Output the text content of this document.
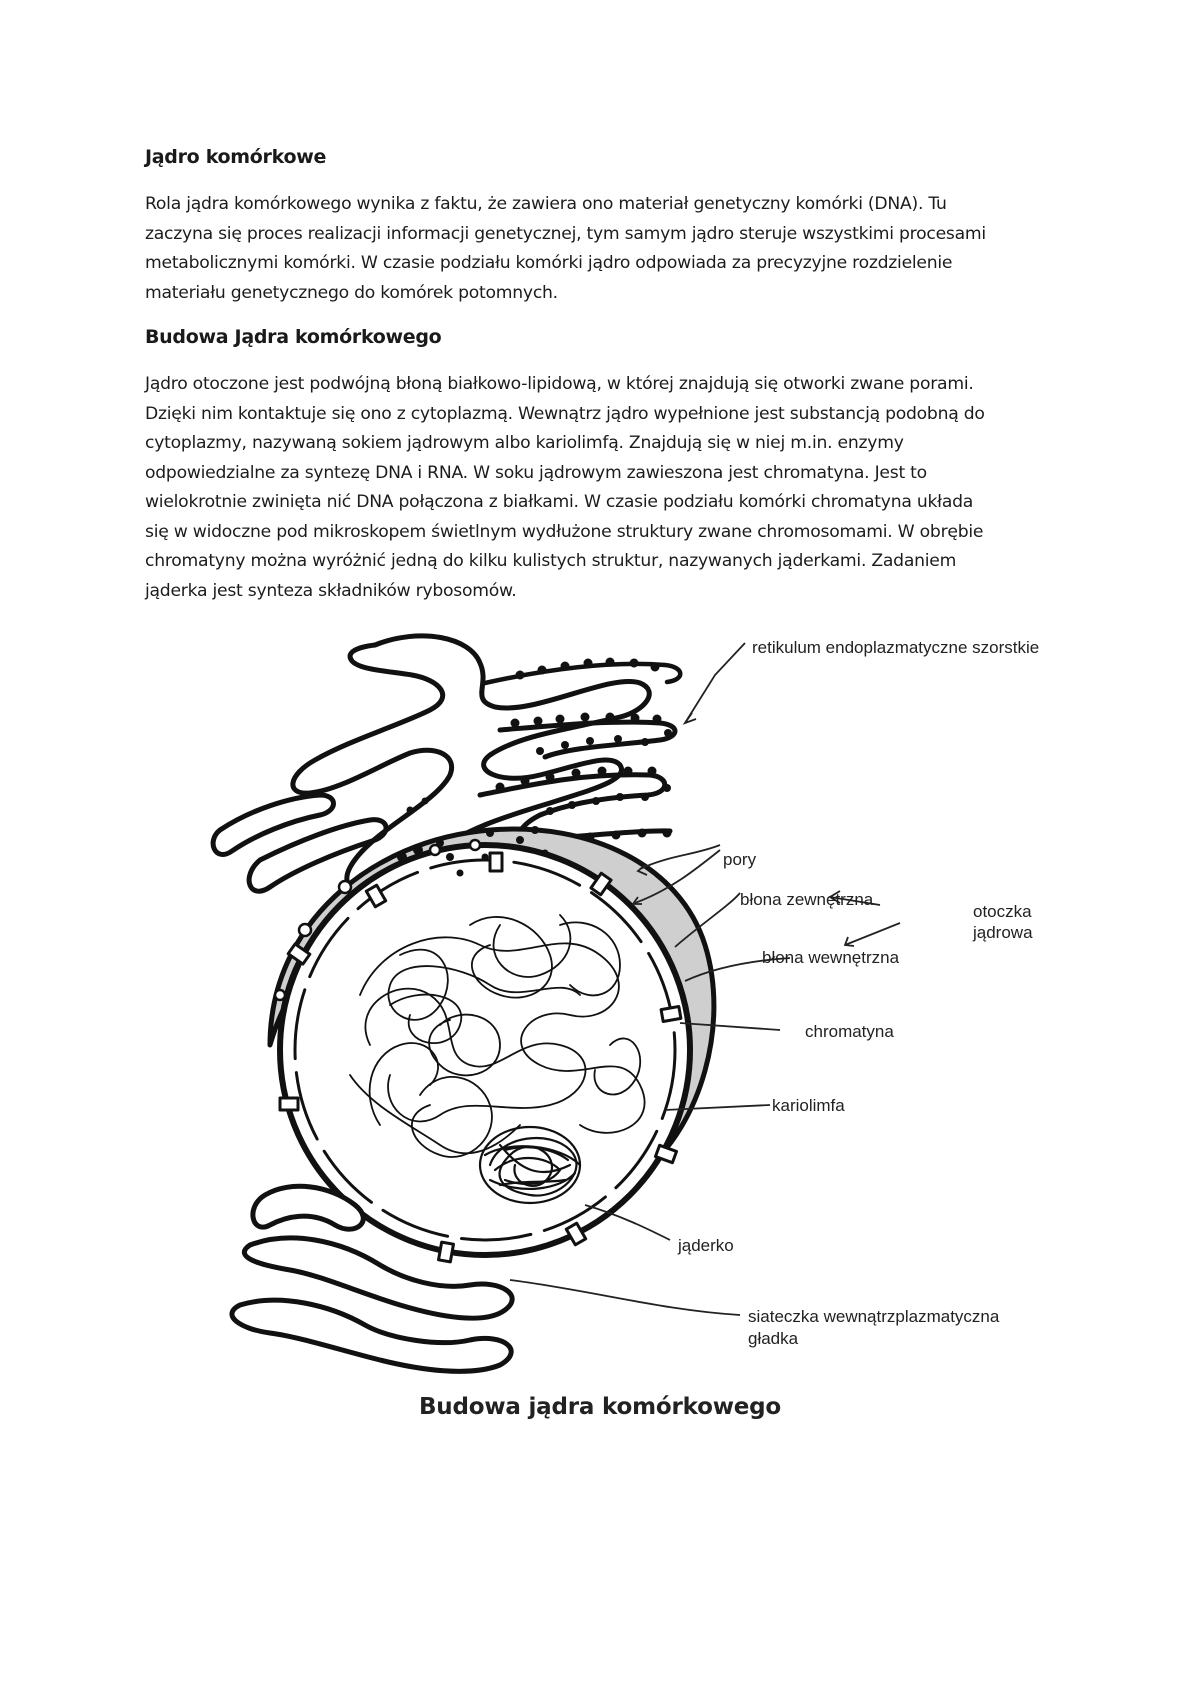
Jądro komórkowe

Rola jądra komórkowego wynika z faktu, że zawiera ono materiał genetyczny komórki (DNA). Tu
zaczyna się proces realizacji informacji genetycznej, tym samym jądro steruje wszystkimi procesami
metabolicznymi komórki. W czasie podziału komórki jądro odpowiada za precyzyjne rozdzielenie
materiału genetycznego do komórek potomnych.

Budowa Jądra komórkowego

Jądro otoczone jest podwójną błoną białkowo-lipidową, w której znajdują się otworki zwane porami.
Dzięki nim kontaktuje się ono z cytoplazmą. Wewnątrz jądro wypełnione jest substancją podobną do
cytoplazmy, nazywaną sokiem jądrowym albo kariolimfą. Znajdują się w niej m.in. enzymy
odpowiedzialne za syntezę DNA i RNA. W soku jądrowym zawieszona jest chromatyna. Jest to
wielokrotnie zwinięta nić DNA połączona z białkami. W czasie podziału komórki chromatyna układa
się w widoczne pod mikroskopem świetlnym wydłużone struktury zwane chromosomami. W obrębie
chromatyny można wyróżnić jedną do kilku kulistych struktur, nazywanych jąderkami. Zadaniem
jąderka jest synteza składników rybosomów.

retikulum endoplazmatyczne szorstkie
pory
błona zewnętrzna
błona wewnętrzna
otoczka
jądrowa
chromatyna
kariolimfa
jąderko
siateczka wewnątrzplazmatyczna
gładka
Budowa jądra komórkowego
